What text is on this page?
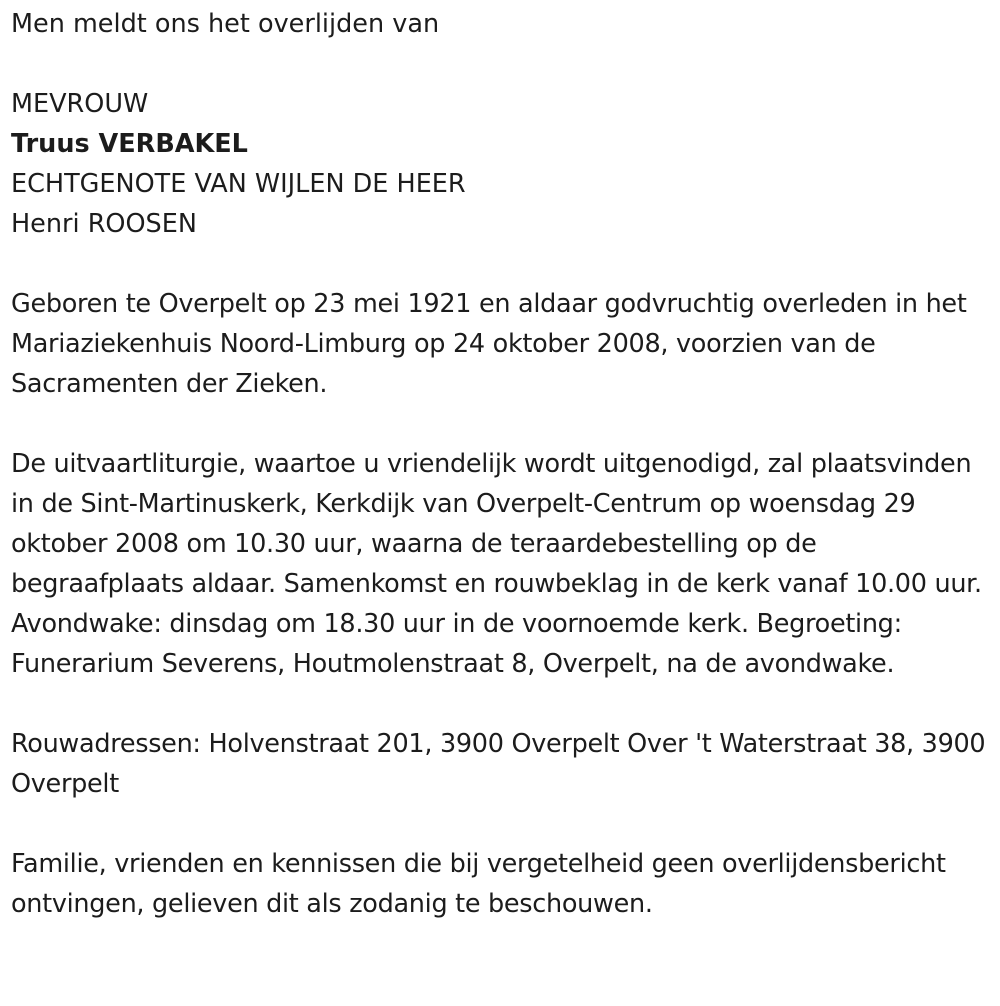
Men meldt ons het overlijden van

MEVROUW

Truus VERBAKEL

ECHTGENOTE VAN WIJLEN DE HEER

Henri ROOSEN

Geboren te Overpelt op 23 mei 1921 en aldaar godvruchtig overleden in het Mariaziekenhuis Noord-Limburg op 24 oktober 2008, voorzien van de Sacramenten der Zieken.

De uitvaartliturgie, waartoe u vriendelijk wordt uitgenodigd, zal plaatsvinden in de Sint-Martinuskerk, Kerkdijk van Overpelt-Centrum op woensdag 29 oktober 2008 om 10.30 uur, waarna de teraardebestelling op de begraafplaats aldaar. Samenkomst en rouwbeklag in de kerk vanaf 10.00 uur. Avondwake: dinsdag om 18.30 uur in de voornoemde kerk. Begroeting: Funerarium Severens, Houtmolenstraat 8, Overpelt, na de avondwake.

Rouwadressen: Holvenstraat 201, 3900 Overpelt Over 't Waterstraat 38, 3900 Overpelt

Familie, vrienden en kennissen die bij vergetelheid geen overlijdensbericht ontvingen, gelieven dit als zodanig te beschouwen.
